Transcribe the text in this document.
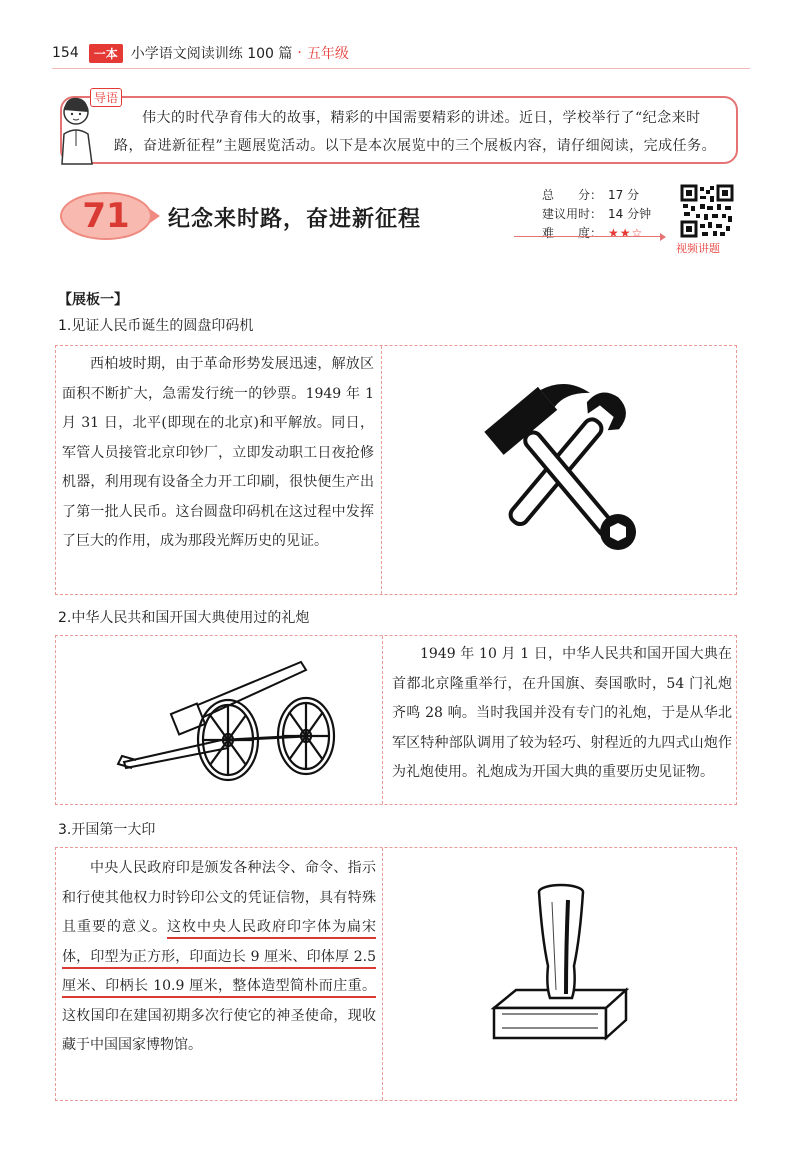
154	一本 小学语文阅读训练 100 篇 · 五年级
导语
伟大的时代孕育伟大的故事，精彩的中国需要精彩的讲述。近日，学校举行了“纪念来时路，奋进新征程”主题展览活动。以下是本次展览中的三个展板内容，请仔细阅读，完成任务。
71	纪念来时路，奋进新征程
总　　分： 17 分
建议用时： 14 分钟
难　　度： ★★☆
视频讲题
【展板一】
1.见证人民币诞生的圆盘印码机

西柏坡时期，由于革命形势发展迅速，解放区面积不断扩大，急需发行统一的钞票。1949 年 1 月 31 日，北平(即现在的北京)和平解放。同日，军管人员接管北京印钞厂，立即发动职工日夜抢修机器，利用现有设备全力开工印刷，很快便生产出了第一批人民币。这台圆盘印码机在这过程中发挥了巨大的作用，成为那段光辉历史的见证。

2.中华人民共和国开国大典使用过的礼炮

1949 年 10 月 1 日，中华人民共和国开国大典在首都北京隆重举行，在升国旗、奏国歌时，54 门礼炮齐鸣 28 响。当时我国并没有专门的礼炮，于是从华北军区特种部队调用了较为轻巧、射程近的九四式山炮作为礼炮使用。礼炮成为开国大典的重要历史见证物。

3.开国第一大印

中央人民政府印是颁发各种法令、命令、指示和行使其他权力时钤印公文的凭证信物，具有特殊且重要的意义。这枚中央人民政府印字体为扁宋体，印型为正方形，印面边长 9 厘米、印体厚 2.5 厘米、印柄长 10.9 厘米，整体造型简朴而庄重。这枚国印在建国初期多次行使它的神圣使命，现收藏于中国国家博物馆。
